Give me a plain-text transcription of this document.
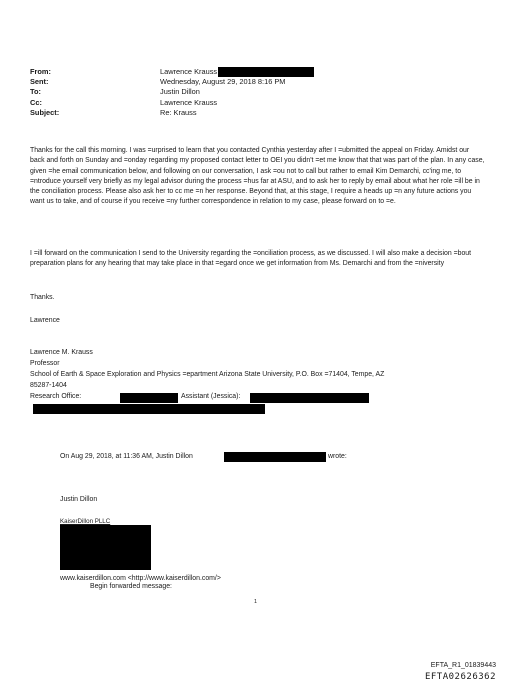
From:	Lawrence Krauss
Sent:	Wednesday, August 29, 2018 8:16 PM
To:	Justin Dillon
Cc:	Lawrence Krauss
Subject:	Re: Krauss
Thanks for the call this morning. I was =urprised to learn that you contacted Cynthia yesterday after I =ubmitted the appeal on Friday. Amidst our back and forth on Sunday and =onday regarding my proposed contact letter to OEI you didn't =et me know that that was part of the plan. In any case, given =he email communication below, and following on our conversation, I ask =ou not to call but rather to email Kim Demarchi, cc'ing me, to =ntroduce yourself very briefly as my legal advisor during the process =hus far at ASU, and to ask her to reply by email about what her role =ill be in the conciliation process. Please also ask her to cc me =n her response. Beyond that, at this stage, I require a heads up =n any future actions you want us to take, and of course if you receive =ny further correspondence in relation to my case, please forward on to =e.
I =ill forward on the communication I send to the University regarding the =onciliation process, as we discussed. I will also make a decision =bout preparation plans for any hearing that may take place in that =egard once we get information from Ms. Demarchi and from the =niversity
Thanks.
Lawrence
Lawrence M. Krauss
Professor
School of Earth & Space Exploration and Physics =epartment Arizona State University, P.O. Box =71404, Tempe, AZ
85287-1404
Research Office:	Assistant (Jessica):
On Aug 29, 2018, at 11:36 AM, Justin Dillon	wrote:
Justin Dillon
KaiserDillon PLLC
www.kaiserdillon.com <http://www.kaiserdillon.com/>
Begin forwarded message:
1
EFTA_R1_01839443
EFTA02626362
